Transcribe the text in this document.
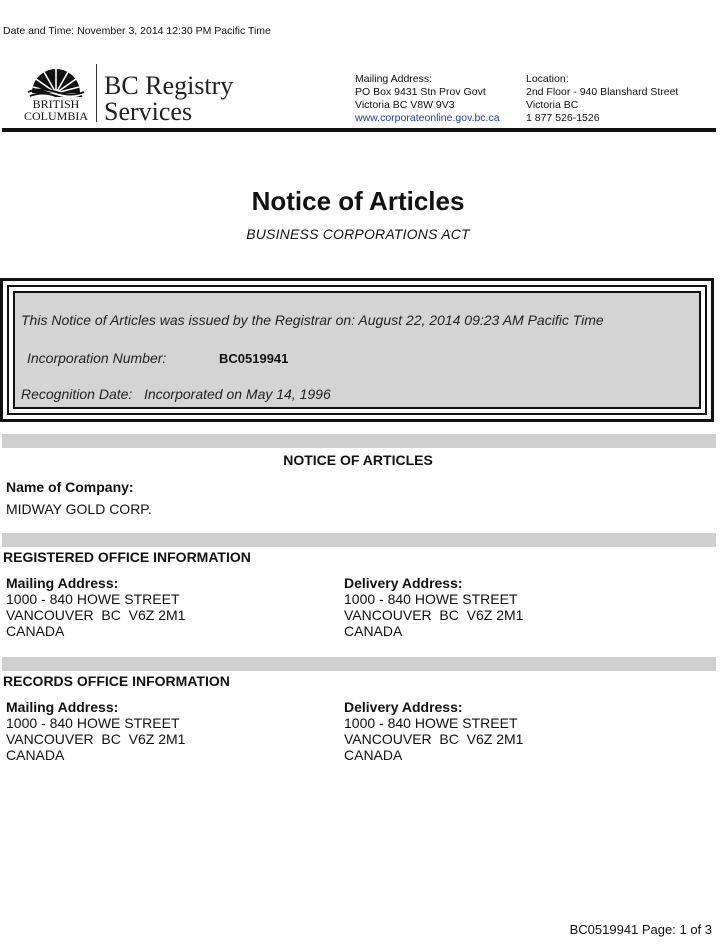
Date and Time: November 3, 2014 12:30 PM Pacific Time
BRITISH
COLUMBIA
BC Registry
Services
Mailing Address:
PO Box 9431 Stn Prov Govt
Victoria BC V8W 9V3
www.corporateonline.gov.bc.ca
Location:
2nd Floor - 940 Blanshard Street
Victoria BC
1 877 526-1526
Notice of Articles
BUSINESS CORPORATIONS ACT
This Notice of Articles was issued by the Registrar on: August 22, 2014 09:23 AM Pacific Time
Incorporation Number:	BC0519941
Recognition Date:   Incorporated on May 14, 1996
NOTICE OF ARTICLES
Name of Company:
MIDWAY GOLD CORP.
REGISTERED OFFICE INFORMATION
Mailing Address:
1000 - 840 HOWE STREET
VANCOUVER  BC  V6Z 2M1
CANADA
Delivery Address:
1000 - 840 HOWE STREET
VANCOUVER  BC  V6Z 2M1
CANADA
RECORDS OFFICE INFORMATION
Mailing Address:
1000 - 840 HOWE STREET
VANCOUVER  BC  V6Z 2M1
CANADA
Delivery Address:
1000 - 840 HOWE STREET
VANCOUVER  BC  V6Z 2M1
CANADA
BC0519941 Page: 1 of 3
